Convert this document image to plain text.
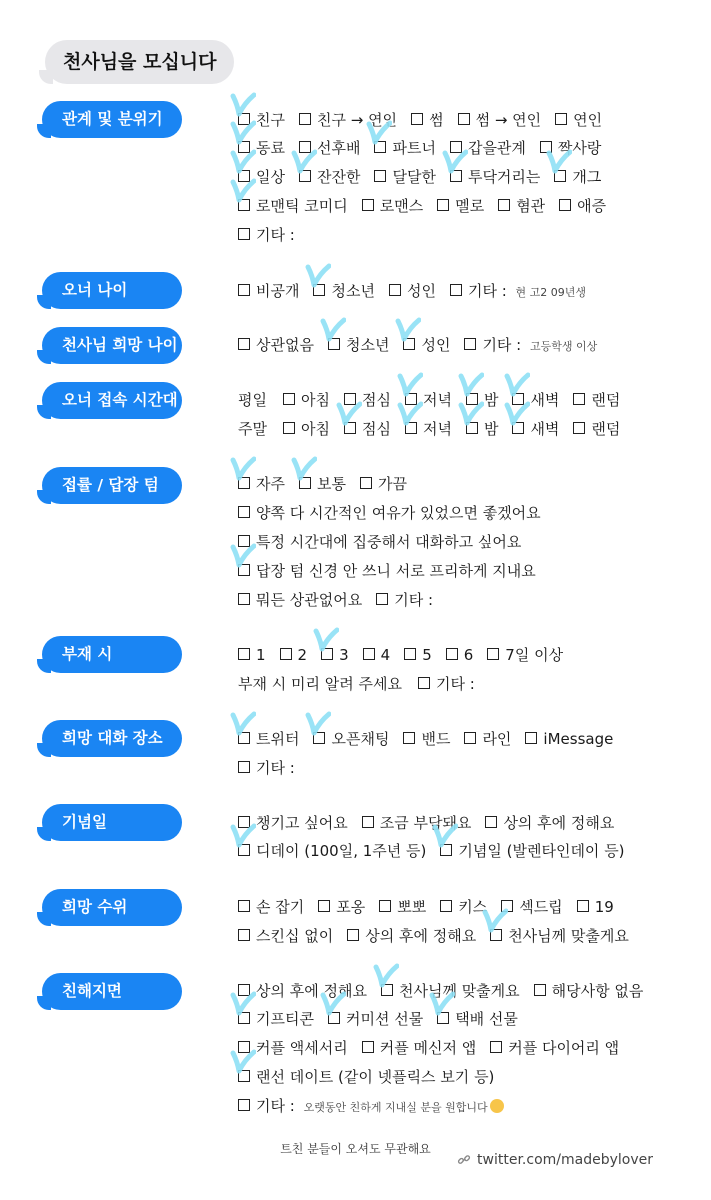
천사님을 모십니다
관계 및 분위기	친구 친구 → 연인 썸 썸 → 연인 연인
동료 선후배 파트너 갑을관계 짝사랑
일상 잔잔한 달달한 투닥거리는 개그
로맨틱 코미디 로맨스 멜로 혐관 애증
기타 :
오너 나이	비공개 청소년 성인 기타 : 현 고2 09년생
천사님 희망 나이	상관없음 청소년 성인 기타 : 고등학생 이상
오너 접속 시간대	평일 아침 점심 저녁 밤 새벽 랜덤
주말 아침 점심 저녁 밤 새벽 랜덤
접률 / 답장 텀	자주 보통 가끔
양쪽 다 시간적인 여유가 있었으면 좋겠어요
특정 시간대에 집중해서 대화하고 싶어요
답장 텀 신경 안 쓰니 서로 프리하게 지내요
뭐든 상관없어요 기타 :
부재 시	1 2 3 4 5 6 7일 이상
부재 시 미리 알려 주세요 기타 :
희망 대화 장소	트위터 오픈채팅 밴드 라인 iMessage
기타 :
기념일	챙기고 싶어요 조금 부담돼요 상의 후에 정해요
디데이 (100일, 1주년 등) 기념일 (발렌타인데이 등)
희망 수위	손 잡기 포옹 뽀뽀 키스 섹드립 19
스킨십 없이 상의 후에 정해요 천사님께 맞출게요
친해지면	상의 후에 정해요 천사님께 맞출게요 해당사항 없음
기프티콘 커미션 선물 택배 선물
커플 액세서리 커플 메신저 앱 커플 다이어리 앱
랜선 데이트 (같이 넷플릭스 보기 등)
기타 : 오랫동안 친하게 지내실 분을 원합니다
트친 분들이 오셔도 무관해요
twitter.com/madebylover
